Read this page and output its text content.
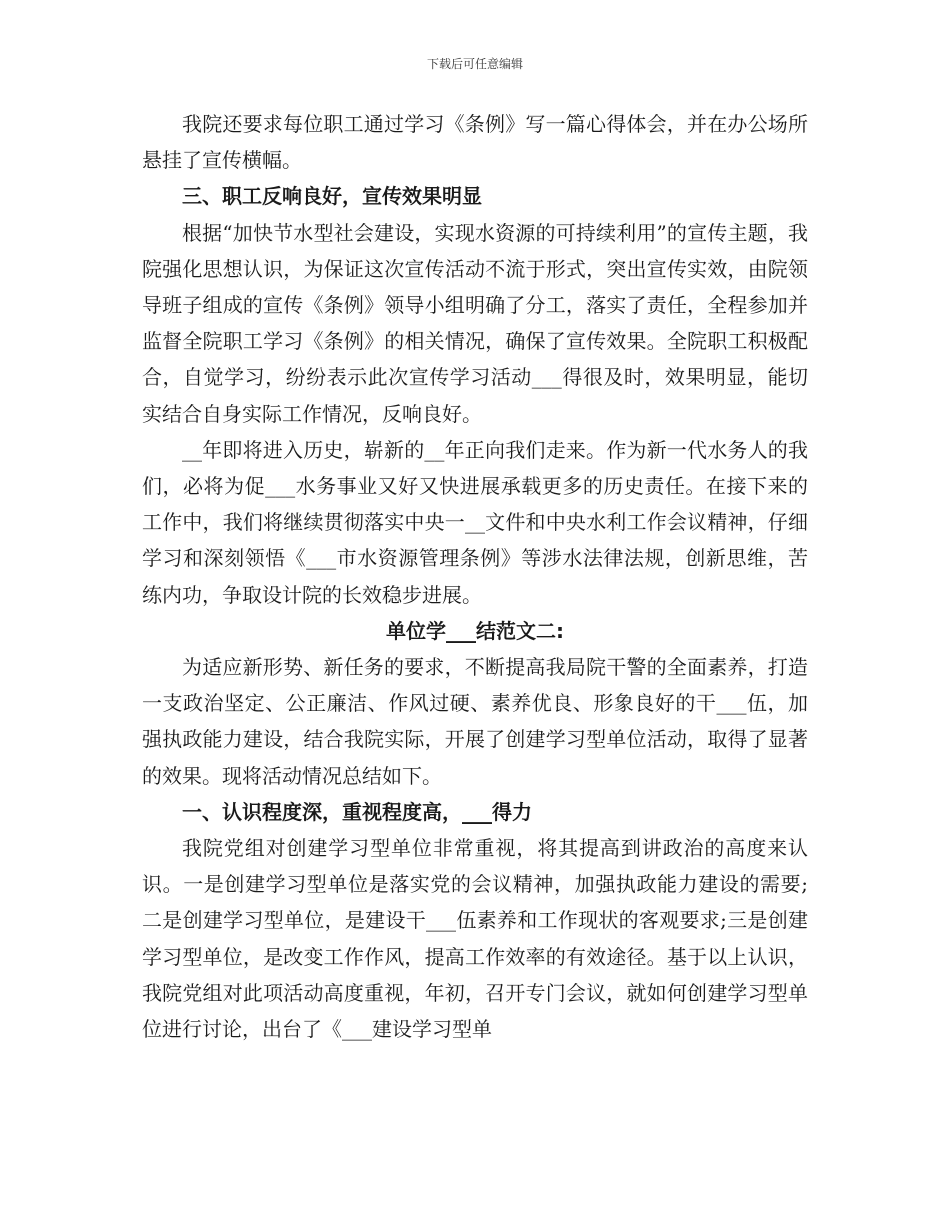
下载后可任意编辑

我院还要求每位职工通过学习《条例》写一篇心得体会，并在办公场所悬挂了宣传横幅。

三、职工反响良好，宣传效果明显

根据“加快节水型社会建设，实现水资源的可持续利用”的宣传主题，我院强化思想认识，为保证这次宣传活动不流于形式，突出宣传实效，由院领导班子组成的宣传《条例》领导小组明确了分工，落实了责任，全程参加并监督全院职工学习《条例》的相关情况，确保了宣传效果。全院职工积极配合，自觉学习，纷纷表示此次宣传学习活动___得很及时，效果明显，能切实结合自身实际工作情况，反响良好。

__年即将进入历史，崭新的__年正向我们走来。作为新一代水务人的我们，必将为促___水务事业又好又快进展承载更多的历史责任。在接下来的工作中，我们将继续贯彻落实中央一__文件和中央水利工作会议精神，仔细学习和深刻领悟《___市水资源管理条例》等涉水法律法规，创新思维，苦练内功，争取设计院的长效稳步进展。

单位学___结范文二:

为适应新形势、新任务的要求，不断提高我局院干警的全面素养，打造一支政治坚定、公正廉洁、作风过硬、素养优良、形象良好的干___伍，加强执政能力建设，结合我院实际，开展了创建学习型单位活动，取得了显著的效果。现将活动情况总结如下。

一、认识程度深，重视程度高，___得力

我院党组对创建学习型单位非常重视，将其提高到讲政治的高度来认识。一是创建学习型单位是落实党的会议精神，加强执政能力建设的需要;二是创建学习型单位，是建设干___伍素养和工作现状的客观要求;三是创建学习型单位，是改变工作作风，提高工作效率的有效途径。基于以上认识，我院党组对此项活动高度重视，年初，召开专门会议，就如何创建学习型单位进行讨论，出台了《___建设学习型单
